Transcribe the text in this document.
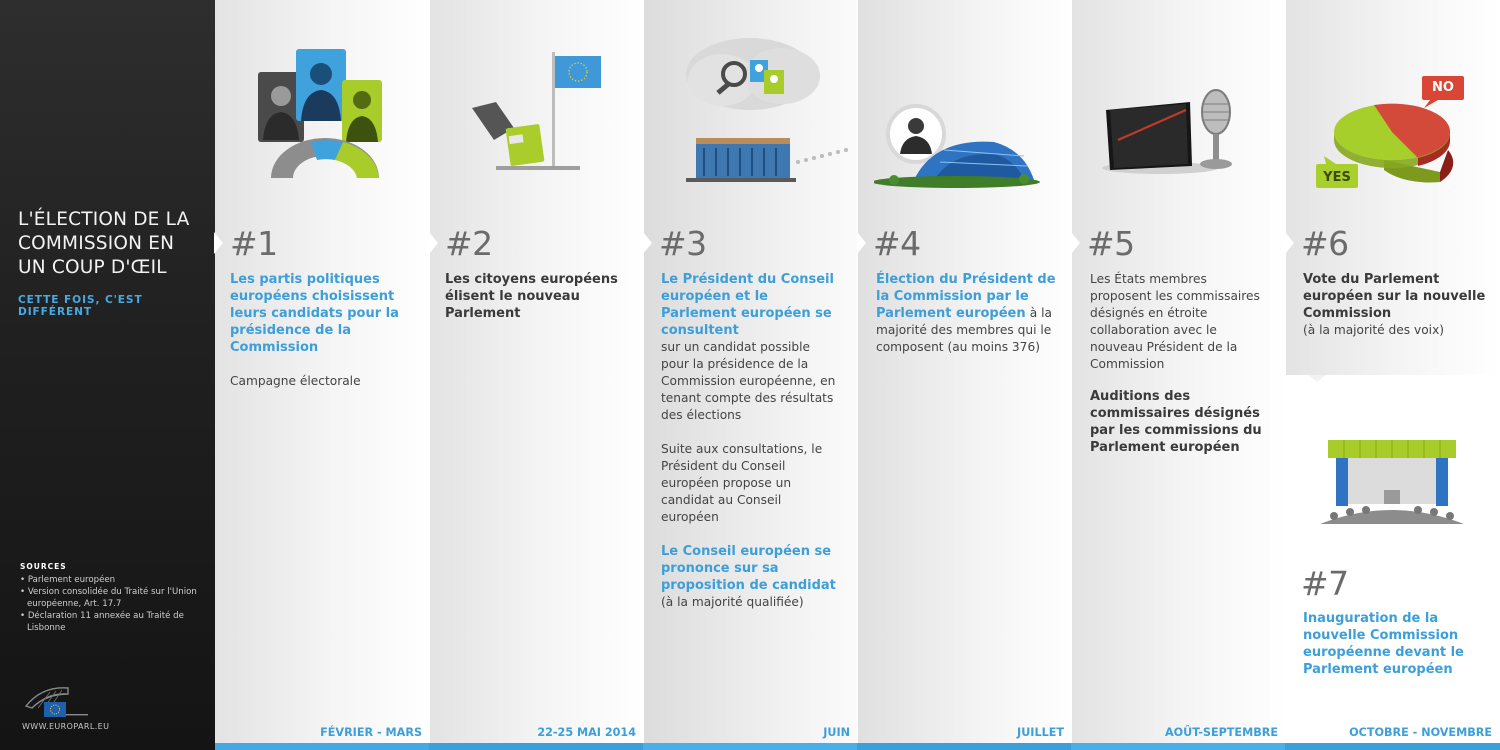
L'ÉLECTION DE LA COMMISSION EN UN COUP D'ŒIL
CETTE FOIS, C'EST DIFFÉRENT
SOURCES
• Parlement européen
• Version consolidée du Traité sur l'Union européenne, Art. 17.7
• Déclaration 11 annexée au Traité de Lisbonne
WWW.EUROPARL.EU
#1

Les partis politiques européens choisissent leurs candidats pour la présidence de la Commission

Campagne électorale

FÉVRIER - MARS
#2

Les citoyens européens élisent le nouveau Parlement

22-25 MAI 2014
#3
Le Président du Conseil européen et le Parlement européen se consultent

sur un candidat possible pour la présidence de la Commission européenne, en tenant compte des résultats des élections

Suite aux consultations, le Président du Conseil européen propose un candidat au Conseil européen

Le Conseil européen se prononce sur sa proposition de candidat
(à la majorité qualifiée)
JUIN
#4
Élection du Président de la Commission par le Parlement européen à la majorité des membres qui le composent (au moins 376)
JUILLET
#5

Les États membres proposent les commissaires désignés en étroite collaboration avec le nouveau Président de la Commission

Auditions des commissaires désignés par les commissions du Parlement européen

AOÛT-SEPTEMBRE
NO
YES
#6
Vote du Parlement européen sur la nouvelle Commission
(à la majorité des voix)
#7
Inauguration de la nouvelle Commission européenne devant le Parlement européen
OCTOBRE - NOVEMBRE
